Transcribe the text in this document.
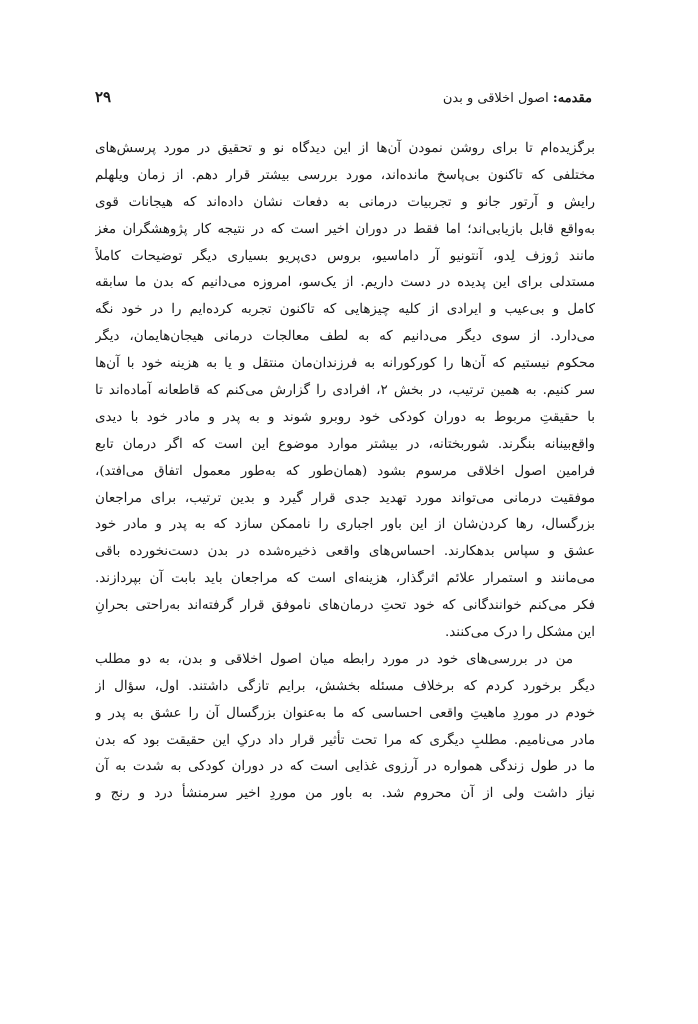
مقدمه: اصول اخلاقی و بدن
۲۹
برگزیده‌ام تا برای روشن نمودن آن‌ها از این دیدگاه نو و تحقیق در مورد پرسش‌های
مختلفی که تاکنون بی‌پاسخ مانده‌اند، مورد بررسی بیشتر قرار دهم. از زمان ویلهلم
رایش و آرتور جانو و تجربیات درمانی به دفعات نشان داده‌اند که هیجانات قوی
به‌واقع قابل بازیابی‌اند؛ اما فقط در دوران اخیر است که در نتیجه کار پژوهشگران مغز
مانند ژوزف لِدو، آنتونیو آر داماسیو، بروس دی‌پریو بسیاری دیگر توضیحات کاملاً
مستدلی برای این پدیده در دست داریم. از یک‌سو، امروزه می‌دانیم که بدن ما سابقه
کامل و بی‌عیب و ایرادی از کلیه چیزهایی که تاکنون تجربه کرده‌ایم را در خود نگه
می‌دارد. از سوی دیگر می‌دانیم که به لطف معالجات درمانی هیجان‌هایمان، دیگر
محکوم نیستیم که آن‌ها را کورکورانه به فرزندان‌مان منتقل و یا به هزینه خود با آن‌ها
سر کنیم. به همین ترتیب، در بخش ۲، افرادی را گزارش می‌کنم که قاطعانه آماده‌اند تا
با حقیقتِ مربوط به دوران کودکی خود روبرو شوند و به پدر و مادر خود با دیدی
واقع‌بینانه بنگرند. شوربختانه، در بیشتر موارد موضوع این است که اگر درمان تابع
فرامین اصول اخلاقی مرسوم بشود (همان‌طور که به‌طور معمول اتفاق می‌افتد)،
موفقیت درمانی می‌تواند مورد تهدید جدی قرار گیرد و بدین ترتیب، برای مراجعان
بزرگسال، رها کردن‌شان از این باور اجباری را ناممکن سازد که به پدر و مادر خود
عشق و سپاس بدهکارند. احساس‌های واقعی ذخیره‌شده در بدن دست‌نخورده باقی
می‌مانند و استمرار علائم اثرگذار، هزینه‌ای است که مراجعان باید بابت آن بپردازند.
فکر می‌کنم خوانندگانی که خود تحتِ درمان‌های ناموفق قرار گرفته‌اند به‌راحتی بحرانِ
این مشکل را درک می‌کنند.
من در بررسی‌های خود در مورد رابطه میان اصول اخلاقی و بدن، به دو مطلب
دیگر برخورد کردم که برخلاف مسئله بخشش، برایم تازگی داشتند. اول، سؤال از
خودم در موردِ ماهیتِ واقعی احساسی که ما به‌عنوان بزرگسال آن را عشق به پدر و
مادر می‌نامیم. مطلبِ دیگری که مرا تحت تأثیر قرار داد درکِ این حقیقت بود که بدن
ما در طول زندگی همواره در آرزوی غذایی است که در دوران کودکی به شدت به آن
نیاز داشت ولی از آن محروم شد. به باور من موردِ اخیر سرمنشأ درد و رنج و
